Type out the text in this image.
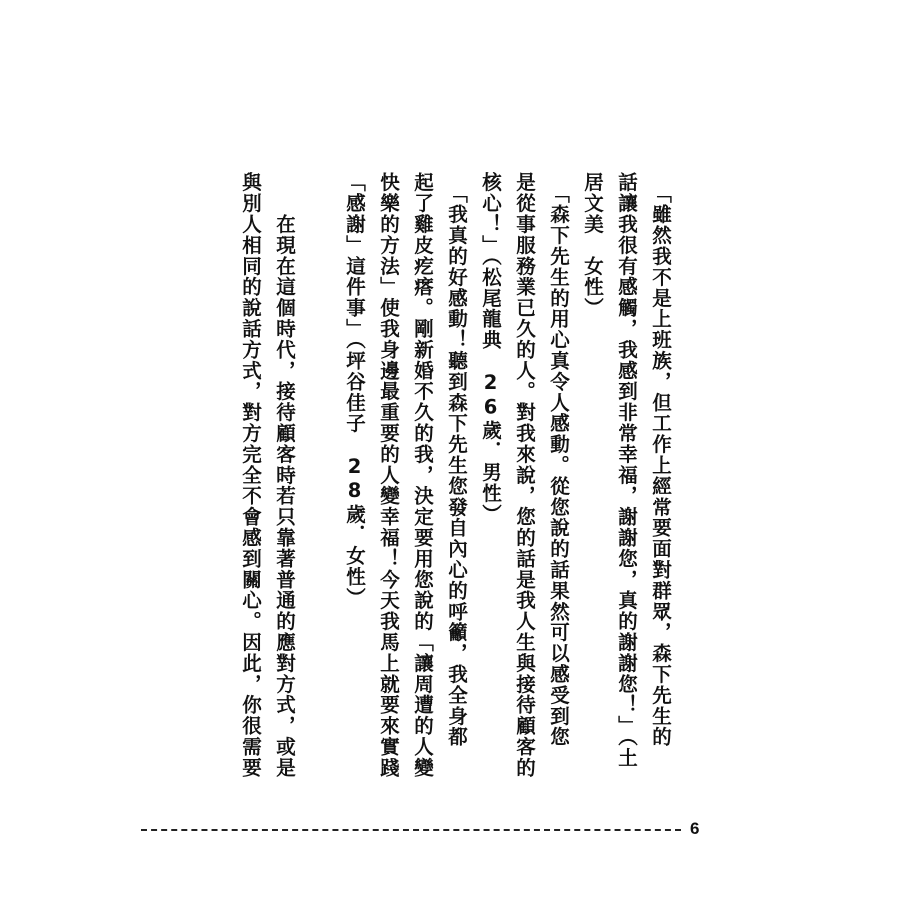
　「雖然我不是上班族，但工作上經常要面對群眾，森下先生的
話讓我很有感觸，我感到非常幸福，謝謝您，真的謝謝您！」（土
居文美　女性）
　「森下先生的用心真令人感動。從您說的話果然可以感受到您
是從事服務業已久的人。對我來說，您的話是我人生與接待顧客的
核心！」（松尾龍典　26歲．男性）
　「我真的好感動！聽到森下先生您發自內心的呼籲，我全身都
起了雞皮疙瘩。剛新婚不久的我，決定要用您說的「讓周遭的人變
快樂的方法」使我身邊最重要的人變幸福！今天我馬上就要來實踐
「感謝」這件事」（坪谷佳子　28歲．女性）
　　在現在這個時代，接待顧客時若只靠著普通的應對方式，或是
與別人相同的說話方式，對方完全不會感到關心。因此，你很需要
6
